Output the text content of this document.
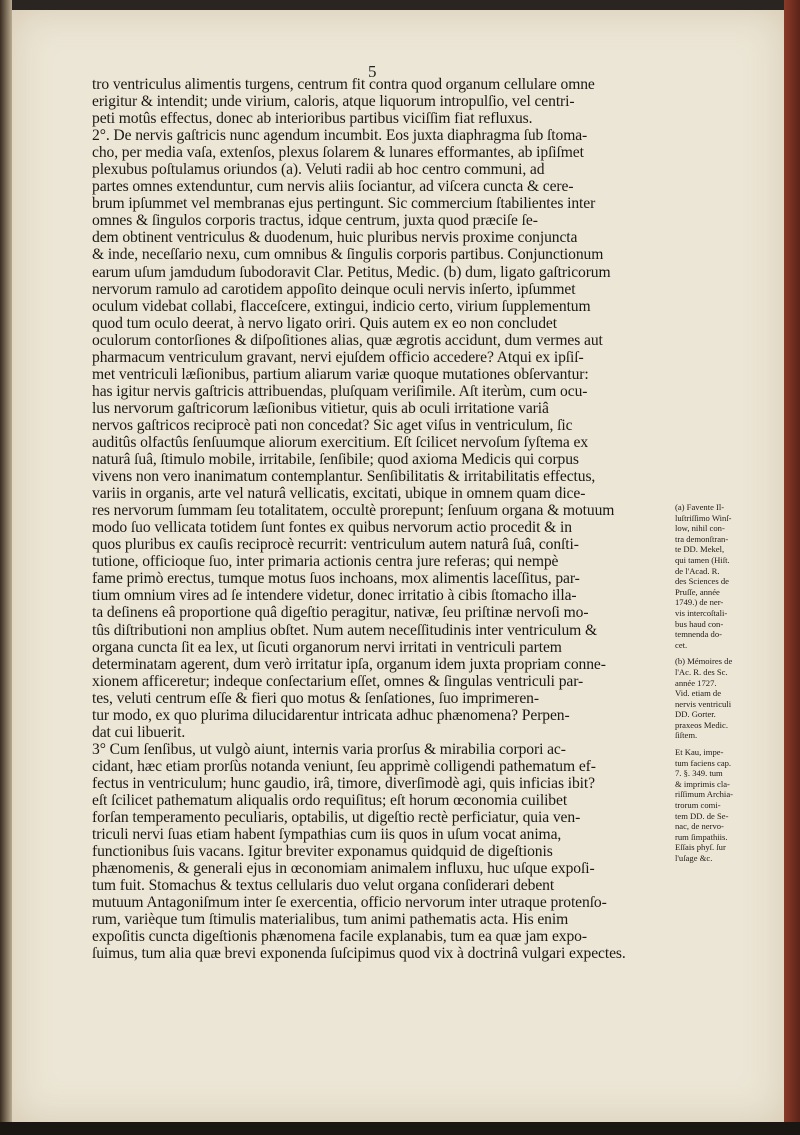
5
tro ventriculus alimentis turgens, centrum fit contra quod organum cellulare omne
erigitur & intendit; unde virium, caloris, atque liquorum intropulſio, vel centri-
peti motûs effectus, donec ab interioribus partibus viciſſim fiat refluxus.
2°. De nervis gaſtricis nunc agendum incumbit. Eos juxta diaphragma ſub ſtoma-
cho, per media vaſa, extenſos, plexus ſolarem & lunares efformantes, ab ipſiſmet
plexubus poſtulamus oriundos (a). Veluti radii ab hoc centro communi, ad
partes omnes extenduntur, cum nervis aliis ſociantur, ad viſcera cuncta & cere-
brum ipſummet vel membranas ejus pertingunt. Sic commercium ſtabilientes inter
omnes & ſingulos corporis tractus, idque centrum, juxta quod præciſe ſe-
dem obtinent ventriculus & duodenum, huic pluribus nervis proxime conjuncta
& inde, neceſſario nexu, cum omnibus & ſingulis corporis partibus. Conjunctionum
earum uſum jamdudum ſubodoravit Clar. Petitus, Medic. (b) dum, ligato gaſtricorum
nervorum ramulo ad carotidem appoſito deinque oculi nervis inſerto, ipſummet
oculum videbat collabi, flacceſcere, extingui, indicio certo, virium ſupplementum
quod tum oculo deerat, à nervo ligato oriri. Quis autem ex eo non concludet
oculorum contorſiones & diſpoſitiones alias, quæ ægrotis accidunt, dum vermes aut
pharmacum ventriculum gravant, nervi ejuſdem officio accedere? Atqui ex ipſiſ-
met ventriculi læſionibus, partium aliarum variæ quoque mutationes obſervantur:
has igitur nervis gaſtricis attribuendas, pluſquam veriſimile. Aſt iterùm, cum ocu-
lus nervorum gaſtricorum læſionibus vitietur, quis ab oculi irritatione variâ
nervos gaſtricos reciprocè pati non concedat? Sic aget viſus in ventriculum, ſic
auditûs olfactûs ſenſuumque aliorum exercitium. Eſt ſcilicet nervoſum ſyſtema ex
naturâ ſuâ, ſtimulo mobile, irritabile, ſenſibile; quod axioma Medicis qui corpus
vivens non vero inanimatum contemplantur. Senſibilitatis & irritabilitatis effectus,
variis in organis, arte vel naturâ vellicatis, excitati, ubique in omnem quam dice-
res nervorum ſummam ſeu totalitatem, occultè prorepunt; ſenſuum organa & motuum
modo ſuo vellicata totidem ſunt fontes ex quibus nervorum actio procedit & in
quos pluribus ex cauſis reciprocè recurrit: ventriculum autem naturâ ſuâ, conſti-
tutione, officioque ſuo, inter primaria actionis centra jure referas; qui nempè
fame primò erectus, tumque motus ſuos inchoans, mox alimentis laceſſitus, par-
tium omnium vires ad ſe intendere videtur, donec irritatio à cibis ſtomacho illa-
ta deſinens eâ proportione quâ digeſtio peragitur, nativæ, ſeu priſtinæ nervoſi mo-
tûs diſtributioni non amplius obſtet. Num autem neceſſitudinis inter ventriculum &
organa cuncta ſit ea lex, ut ſicuti organorum nervi irritati in ventriculi partem
determinatam agerent, dum verò irritatur ipſa, organum idem juxta propriam conne-
xionem afficeretur; indeque conſectarium eſſet, omnes & ſingulas ventriculi par-
tes, veluti centrum eſſe & fieri quo motus & ſenſationes, ſuo imprimeren-
tur modo, ex quo plurima dilucidarentur intricata adhuc phænomena? Perpen-
dat cui libuerit.
3° Cum ſenſibus, ut vulgò aiunt, internis varia prorſus & mirabilia corpori ac-
cidant, hæc etiam prorſùs notanda veniunt, ſeu apprimè colligendi pathematum ef-
fectus in ventriculum; hunc gaudio, irâ, timore, diverſimodè agi, quis inficias ibit?
eſt ſcilicet pathematum aliqualis ordo requiſitus; eſt horum œconomia cuilibet
forſan temperamento peculiaris, optabilis, ut digeſtio rectè perficiatur, quia ven-
triculi nervi ſuas etiam habent ſympathias cum iis quos in uſum vocat anima,
functionibus ſuis vacans. Igitur breviter exponamus quidquid de digeſtionis
phænomenis, & generali ejus in œconomiam animalem influxu, huc uſque expoſi-
tum fuit. Stomachus & textus cellularis duo velut organa conſiderari debent
mutuum Antagoniſmum inter ſe exercentia, officio nervorum inter utraque protenſo-
rum, varièque tum ſtimulis materialibus, tum animi pathematis acta. His enim
expoſitis cuncta digeſtionis phænomena facile explanabis, tum ea quæ jam expo-
ſuimus, tum alia quæ brevi exponenda ſuſcipimus quod vix à doctrinâ vulgari expectes.
(a) Favente Il-
luſtriſſimo Winſ-
low, nihil con-
tra demonſtran-
te DD. Mekel,
qui tamen (Hiſt.
de l'Acad. R.
des Sciences de
Pruſſe, année
1749.) de ner-
vis intercoſtali-
bus haud con-
temnenda do-
cet.
(b) Mémoires de
l'Ac. R. des Sc.
année 1727.
Vid. etiam de
nervis ventriculi
DD. Gorter.
praxeos Medic.
ſiſtem.
Et Kau, impe-
tum faciens cap.
7. §. 349. tum
& imprimis cla-
riſſimum Archia-
trorum comi-
tem DD. de Se-
nac, de nervo-
rum ſimpathiis.
Eſſais phyſ. ſur
l'uſage &c.
